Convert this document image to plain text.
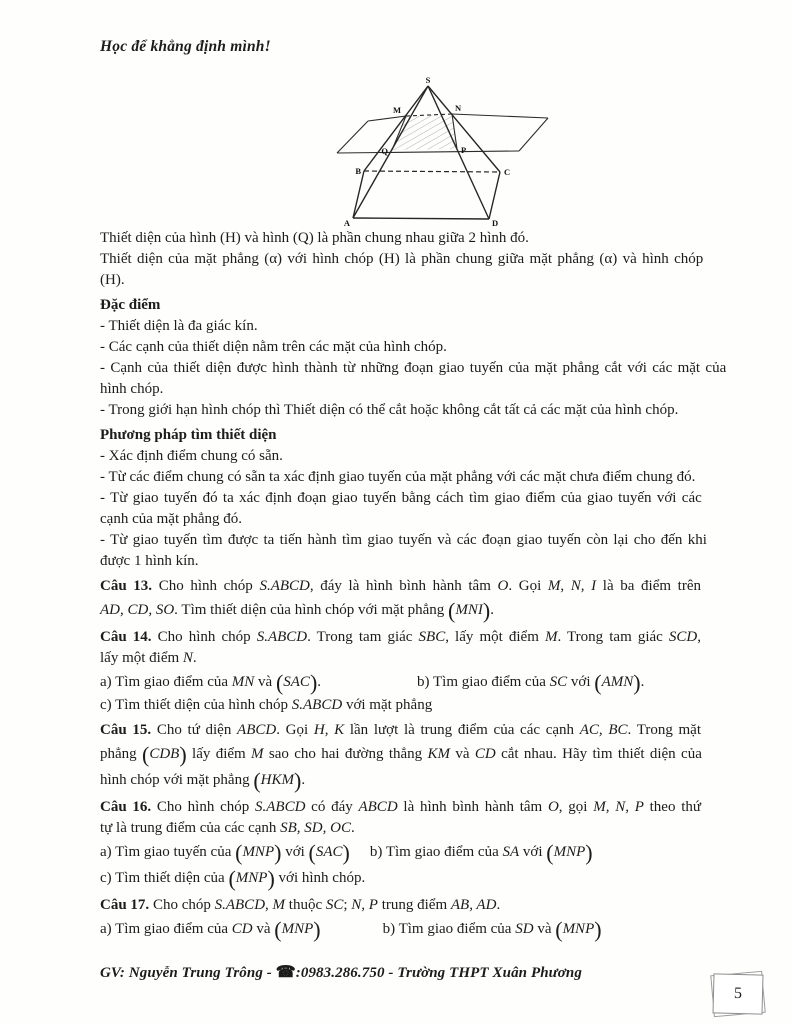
Học để khẳng định mình!
S
M	N
Q	P
B	C
A	D

Thiết diện của hình (H) và hình (Q) là phần chung nhau giữa 2 hình đó.

Thiết diện của mặt phẳng (α) với hình chóp (H) là phần chung giữa mặt phẳng (α) và hình chóp

(H).

Đặc điểm

- Thiết diện là đa giác kín.

- Các cạnh của thiết diện nằm trên các mặt của hình chóp.

- Cạnh của thiết diện được hình thành từ những đoạn giao tuyến của mặt phẳng cắt với các mặt của

hình chóp.

- Trong giới hạn hình chóp thì Thiết diện có thể cắt hoặc không cắt tất cả các mặt của hình chóp.

Phương pháp tìm thiết diện

- Xác định điểm chung có sẵn.

- Từ các điểm chung có sẵn ta xác định giao tuyến của mặt phẳng với các mặt chưa điểm chung đó.

- Từ giao tuyến đó ta xác định đoạn giao tuyến bằng cách tìm giao điểm của giao tuyến với các

cạnh của mặt phẳng đó.

- Từ giao tuyến tìm được ta tiến hành tìm giao tuyến và các đoạn giao tuyến còn lại cho đến khi

được 1 hình kín.

Câu 13. Cho hình chóp S.ABCD, đáy là hình bình hành tâm O. Gọi M, N, I là ba điểm trên

AD, CD, SO. Tìm thiết diện của hình chóp với mặt phẳng (MNI).

Câu 14. Cho hình chóp S.ABCD. Trong tam giác SBC, lấy một điểm M. Trong tam giác SCD,

lấy một điểm N.

a) Tìm giao điểm của MN và (SAC).	b) Tìm giao điểm của SC với (AMN).

c) Tìm thiết diện của hình chóp S.ABCD với mặt phẳng

Câu 15. Cho tứ diện ABCD. Gọi H, K lần lượt là trung điểm của các cạnh AC, BC. Trong mặt

phẳng (CDB) lấy điểm M sao cho hai đường thẳng KM và CD cắt nhau. Hãy tìm thiết diện của

hình chóp với mặt phẳng (HKM).

Câu 16. Cho hình chóp S.ABCD có đáy ABCD là hình bình hành tâm O, gọi M, N, P theo thứ

tự là trung điểm của các cạnh SB, SD, OC.

a) Tìm giao tuyến của (MNP) với (SAC) b) Tìm giao điểm của SA với (MNP)

c) Tìm thiết diện của (MNP) với hình chóp.

Câu 17. Cho chóp S.ABCD, M thuộc SC; N, P trung điểm AB, AD.

a) Tìm giao điểm của CD và (MNP)	b) Tìm giao điểm của SD và (MNP)

GV: Nguyễn Trung Trông - ☎:0983.286.750 - Trường THPT Xuân Phương
5
